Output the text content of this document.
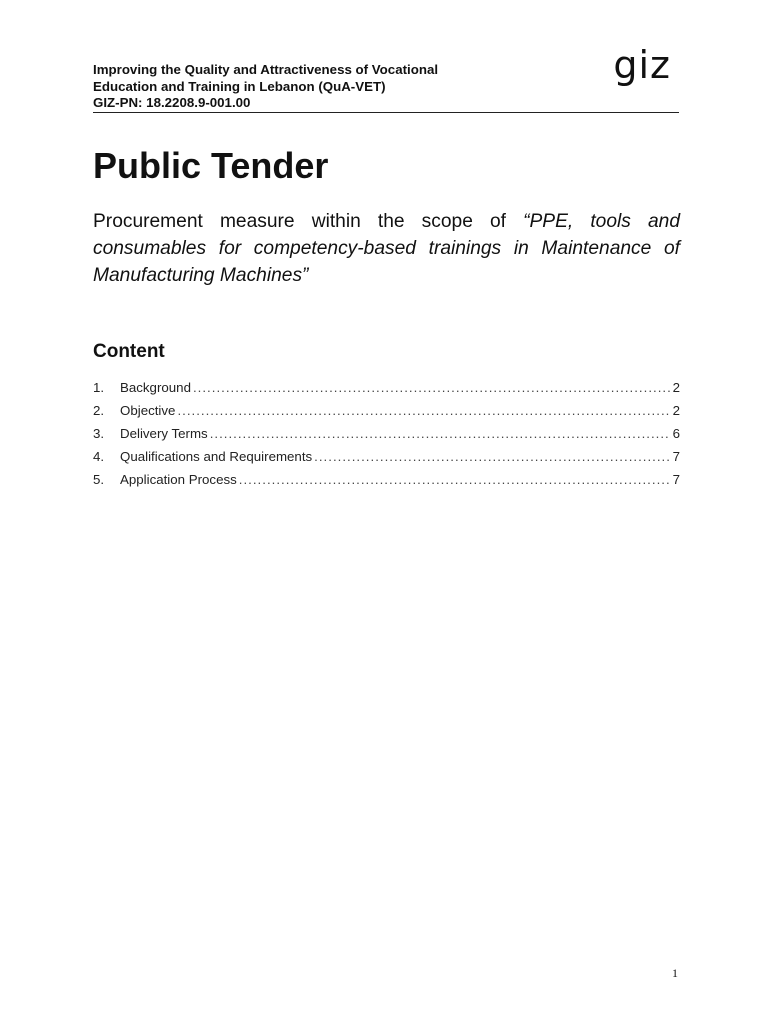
Improving the Quality and Attractiveness of Vocational
Education and Training in Lebanon (QuA-VET)
GIZ-PN: 18.2208.9-001.00
giz
Public Tender

Procurement measure within the scope of “PPE, tools and consumables for competency-based trainings in Maintenance of Manufacturing Machines”

Content
1.	Background .....	2
2.	Objective .....	2
3.	Delivery Terms .....	6
4.	Qualifications and Requirements .....	7
5.	Application Process .....	7
1
